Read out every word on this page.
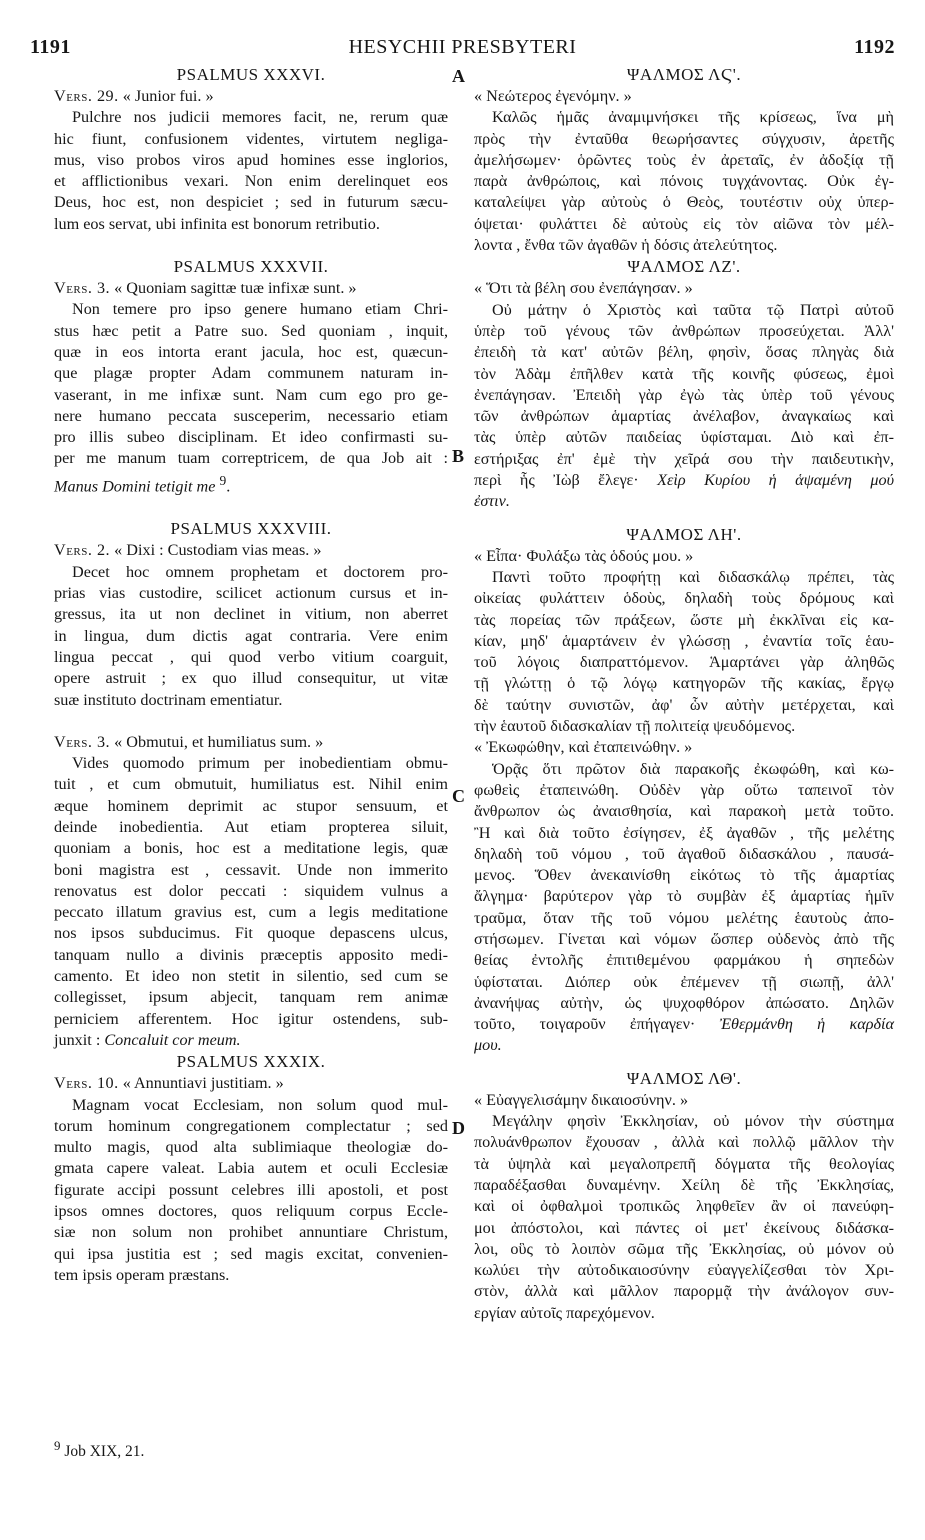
1191	HESYCHII PRESBYTERI	1192
A
B
C
D
PSALMUS XXXVI.
Vers. 29. « Junior fui. »
Pulchre nos judicii memores facit, ne, rerum quæ
hic fiunt, confusionem videntes, virtutem negliga-
mus, viso probos viros apud homines esse inglorios,
et afflictionibus vexari. Non enim derelinquet eos
Deus, hoc est, non despiciet ; sed in futurum sæcu-
lum eos servat, ubi infinita est bonorum retributio.
PSALMUS XXXVII.
Vers. 3. « Quoniam sagittæ tuæ infixæ sunt. »
Non temere pro ipso genere humano etiam Chri-
stus hæc petit a Patre suo. Sed quoniam , inquit,
quæ in eos intorta erant jacula, hoc est, quæcun-
que plagæ propter Adam communem naturam in-
vaserant, in me infixæ sunt. Nam cum ego pro ge-
nere humano peccata susceperim, necessario etiam
pro illis subeo disciplinam. Et ideo confirmasti su-
per me manum tuam correptricem, de qua Job ait :
Manus Domini tetigit me $^9$.
PSALMUS XXXVIII.
Vers. 2. « Dixi : Custodiam vias meas. »
Decet hoc omnem prophetam et doctorem pro-
prias vias custodire, scilicet actionum cursus et in-
gressus, ita ut non declinet in vitium, non aberret
in lingua, dum dictis agat contraria. Vere enim
lingua peccat , qui quod verbo vitium coarguit,
opere astruit ; ex quo illud consequitur, ut vitæ
suæ instituto doctrinam ementiatur.
Vers. 3. « Obmutui, et humiliatus sum. »
Vides quomodo primum per inobedientiam obmu-
tuit , et cum obmutuit, humiliatus est. Nihil enim
æque hominem deprimit ac stupor sensuum, et
deinde inobedientia. Aut etiam propterea siluit,
quoniam a bonis, hoc est a meditatione legis, quæ
boni magistra est , cessavit. Unde non immerito
renovatus est dolor peccati : siquidem vulnus a
peccato illatum gravius est, cum a legis meditatione
nos ipsos subducimus. Fit quoque depascens ulcus,
tanquam nullo a divinis præceptis apposito medi-
camento. Et ideo non stetit in silentio, sed cum se
collegisset, ipsum abjecit, tanquam rem animæ
perniciem afferentem. Hoc igitur ostendens, sub-
junxit : Concaluit cor meum.
PSALMUS XXXIX.
Vers. 10. « Annuntiavi justitiam. »
Magnam vocat Ecclesiam, non solum quod mul-
torum hominum congregationem complectatur ; sed
multo magis, quod alta sublimiaque theologiæ do-
gmata capere valeat. Labia autem et oculi Ecclesiæ
figurate accipi possunt celebres illi apostoli, et post
ipsos omnes doctores, quos reliquum corpus Eccle-
siæ non solum non prohibet annuntiare Christum,
qui ipsa justitia est ; sed magis excitat, convenien-
tem ipsis operam præstans.
ΨΑΛΜΟΣ ΛϚ'.
« Νεώτερος ἐγενόμην. »
Καλῶς ἡμᾶς ἀναμιμνήσκει τῆς κρίσεως, ἵνα μὴ
πρὸς τὴν ἐνταῦθα θεωρήσαντες σύγχυσιν, ἀρετῆς
ἀμελήσωμεν· ὁρῶντες τοὺς ἐν ἀρεταῖς, ἐν ἀδοξίᾳ τῇ
παρὰ ἀνθρώποις, καὶ πόνοις τυγχάνοντας. Οὐκ ἐγ-
καταλείψει γὰρ αὐτοὺς ὁ Θεὸς, τουτέστιν οὐχ ὑπερ-
όψεται· φυλάττει δὲ αὐτοὺς εἰς τὸν αἰῶνα τὸν μέλ-
λοντα , ἔνθα τῶν ἀγαθῶν ἡ δόσις ἀτελεύτητος.
ΨΑΛΜΟΣ ΛΖ'.
« Ὅτι τὰ βέλη σου ἐνεπάγησαν. »
Οὐ μάτην ὁ Χριστὸς καὶ ταῦτα τῷ Πατρὶ αὐτοῦ
ὑπὲρ τοῦ γένους τῶν ἀνθρώπων προσεύχεται. Ἀλλ'
ἐπειδὴ τὰ κατ' αὐτῶν βέλη, φησὶν, ὅσας πληγὰς διὰ
τὸν Ἀδὰμ ἐπῆλθεν κατὰ τῆς κοινῆς φύσεως, ἐμοὶ
ἐνεπάγησαν. Ἐπειδὴ γὰρ ἐγὼ τὰς ὑπὲρ τοῦ γένους
τῶν ἀνθρώπων ἁμαρτίας ἀνέλαβον, ἀναγκαίως καὶ
τὰς ὑπὲρ αὐτῶν παιδείας ὑφίσταμαι. Διὸ καὶ ἐπ-
εστήριξας ἐπ' ἐμὲ τὴν χεῖρά σου τὴν παιδευτικὴν,
περὶ ἧς Ἰὼβ ἔλεγε· Χεὶρ Κυρίου ἡ ἁψαμένη μού
ἐστιν.
ΨΑΛΜΟΣ ΛΗ'.
« Εἶπα· Φυλάξω τὰς ὁδούς μου. »
Παντὶ τοῦτο προφήτῃ καὶ διδασκάλῳ πρέπει, τὰς
οἰκείας φυλάττειν ὁδοὺς, δηλαδὴ τοὺς δρόμους καὶ
τὰς πορείας τῶν πράξεων, ὥστε μὴ ἐκκλῖναι εἰς κα-
κίαν, μηδ' ἁμαρτάνειν ἐν γλώσσῃ , ἐναντία τοῖς ἑαυ-
τοῦ λόγοις διαπραττόμενον. Ἁμαρτάνει γὰρ ἀληθῶς
τῇ γλώττῃ ὁ τῷ λόγῳ κατηγορῶν τῆς κακίας, ἔργῳ
δὲ ταύτην συνιστῶν, ἀφ' ὧν αὐτὴν μετέρχεται, καὶ
τὴν ἑαυτοῦ διδασκαλίαν τῇ πολιτείᾳ ψευδόμενος.
« Ἐκωφώθην, καὶ ἐταπεινώθην. »
Ὁρᾷς ὅτι πρῶτον διὰ παρακοῆς ἐκωφώθη, καὶ κω-
φωθεὶς ἐταπεινώθη. Οὐδὲν γὰρ οὕτω ταπεινοῖ τὸν
ἄνθρωπον ὡς ἀναισθησία, καὶ παρακοὴ μετὰ τοῦτο.
Ἢ καὶ διὰ τοῦτο ἐσίγησεν, ἐξ ἀγαθῶν , τῆς μελέτης
δηλαδὴ τοῦ νόμου , τοῦ ἀγαθοῦ διδασκάλου , παυσά-
μενος. Ὅθεν ἀνεκαινίσθη εἰκότως τὸ τῆς ἁμαρτίας
ἄλγημα· βαρύτερον γὰρ τὸ συμβὰν ἐξ ἁμαρτίας ἡμῖν
τραῦμα, ὅταν τῆς τοῦ νόμου μελέτης ἑαυτοὺς ἀπο-
στήσωμεν. Γίνεται καὶ νόμων ὥσπερ οὐδενὸς ἀπὸ τῆς
θείας ἐντολῆς ἐπιτιθεμένου φαρμάκου ἡ σηπεδὼν
ὑφίσταται. Διόπερ οὐκ ἐπέμενεν τῇ σιωπῇ, ἀλλ'
ἀνανήψας αὐτὴν, ὡς ψυχοφθόρον ἀπώσατο. Δηλῶν
τοῦτο, τοιγαροῦν ἐπήγαγεν· Ἐθερμάνθη ἡ καρδία
μου.
ΨΑΛΜΟΣ ΛΘ'.
« Εὐαγγελισάμην δικαιοσύνην. »
Μεγάλην φησὶν Ἐκκλησίαν, οὐ μόνον τὴν σύστημα
πολυάνθρωπον ἔχουσαν , ἀλλὰ καὶ πολλῷ μᾶλλον τὴν
τὰ ὑψηλὰ καὶ μεγαλοπρεπῆ δόγματα τῆς θεολογίας
παραδέξασθαι δυναμένην. Χείλη δὲ τῆς Ἐκκλησίας,
καὶ οἱ ὀφθαλμοὶ τροπικῶς ληφθεῖεν ἂν οἱ πανεύφη-
μοι ἀπόστολοι, καὶ πάντες οἱ μετ' ἐκείνους διδάσκα-
λοι, οὓς τὸ λοιπὸν σῶμα τῆς Ἐκκλησίας, οὐ μόνον οὐ
κωλύει τὴν αὐτοδικαιοσύνην εὐαγγελίζεσθαι τὸν Χρι-
στὸν, ἀλλὰ καὶ μᾶλλον παρορμᾷ τὴν ἀνάλογον συν-
εργίαν αὐτοῖς παρεχόμενον.
$^9$ Job XIX, 21.
